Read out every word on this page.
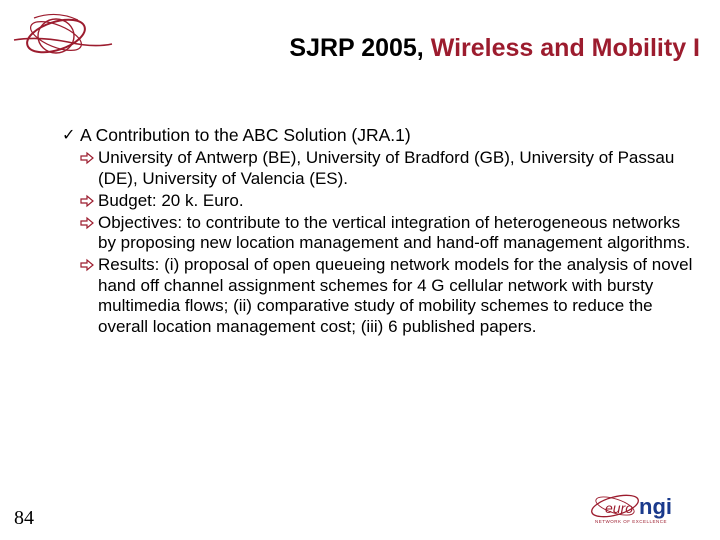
SJRP 2005, Wireless and Mobility I
✓ A Contribution to the ABC Solution (JRA.1)
University of Antwerp (BE), University of Bradford (GB), University of Passau (DE), University of Valencia (ES).
Budget: 20 k. Euro.
Objectives: to contribute to the vertical integration of heterogeneous networks by proposing new location management and hand-off management algorithms.
Results: (i) proposal of open queueing network models for the analysis of novel hand off channel assignment schemes for 4 G cellular network with bursty multimedia flows; (ii) comparative study of mobility schemes to reduce the overall location management cost; (iii) 6 published papers.
84	euro ngi
NETWORK OF EXCELLENCE
